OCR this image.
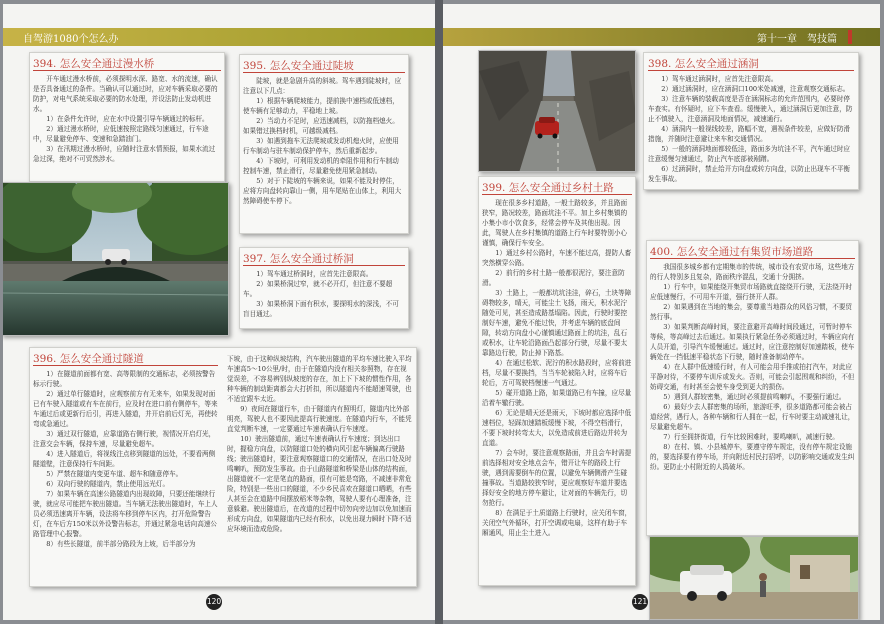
自驾游1080个怎么办
394. 怎么安全通过漫水桥

开车通过漫水桥前，必须探明水深、路宽、水的流速，确认是否具备通过的条件。当确认可以通过时，应对车辆采取必要的防护，对电气系统采取必要的防水处理，并设法防止发动机进水。

1）在条件允许时，应在水中设置引导车辆通过的标杆。

2）通过漫水桥时，应低速按照定路线匀速通过，行车途中，尽量避免停车、变速和急踏油门。

3）在汛期过漫水桥时，应随时注意水情预报，如果水流过急过深，绝对不可贸然涉水。

395. 怎么安全通过陡坡

陡坡，就是急剧升高的斜坡。驾车遇到陡坡时，应注意以下几点：

1）根据车辆爬坡能力，提前换中速档或低速档，使车辆有足够动力，平稳地上坡。

2）当动力不足时，应迅速减档，以防拖档熄火。如果错过换档时机，可越级减档。

3）如遇到拖车无法爬坡或发动机熄火时，应使用行车制动与驻车制动保护停车，然后重新起步。

4）下坡时，可利用发动机的牵阻作用和行车制动控制车速，禁止滑行，尽量避免使用紧急制动。

5）对于下陡坡的车辆来说，如果不能及时停住，应将方向盘转向靠山一侧，用车尾贴在山体上，利用大然障碍使车停下。

397. 怎么安全通过桥洞

1）驾车通过桥洞时，应首先注意限高。

2）如果桥洞过窄，就不必开灯，但注意不要超车。

3）如果桥洞下面有积水，要探明水的深浅，不可盲目通过。

396. 怎么安全通过隧道

1）在隧道前面都有宽、高等限制的交通标志，必须按警告标示行驶。

2）通过单行隧道时，应观察前方有无来车，如果发现对面已有车驶入隧道或有车在前行，应及时在进口前有侧停车，等来车通过后或更新行后引，再进入隧道，并开启前后灯光，再使转弯或急通过。

3）通过双行隧道，应靠道路右侧行驶，视情况开启灯光，注意交会车辆，保持车速，尽量避免超车。

4）进入隧道后，将视线注点移到隧道的远处，不要看两侧隧道壁，注意保持行车间距。

5）严禁在隧道内变更车道、超车和随意停车。

6）双向行驶的隧道内，禁止使用远光灯。

7）如果车辆在高速公路隧道内出现故障，只要还能继续行驶，就应尽可能把车驶出隧道。当车辆无法驶出隧道时，车上人员必须迅速离开车辆，设法将车移到停车区内，打开危险警告灯，在车后方150米以外设警告标志，并通过紧急电话向高速公路管理中心报警。

8）有些长隧道，前半部分路段为上坡，后半部分为

下坡，由于这种纵坡结构，汽车驶出隧道的平均车速比驶入平均车速高5～10公里/时，由于在隧道内没有相关参照物，存在视觉误差，不容易辨别纵坡度的存在，加上下下坡的惯性作用，各种车辆的制动距离都会大打折扣，所以隧道内不能超速驾驶，也不适宜跟车太近。

9）夜间在隧道行车，由于隧道内有照明灯，隧道内比外部明亮，驾驶人也不要因此提高行驶速度。在隧道内行车，不能凭直觉判断车速，一定要通过车速表确认行车速度。

10）驶出隧道前，通过车速表确认行车速度；到达出口时，握稳方向盘，以防隧道口处的横向风引起车辆偏离行驶路线；驶出隧道时，要注意观察隧道口的交通情况，在出口处及时鸣喇叭，预防发生事故。由于山路隧道和桥梁是山体的结构面，出隧道就不一定是笔直的路面，很有可能是弯路，不减速非常危险，特别是一些出口的隧道，不少乡民喜欢在隧道口晒晒，有些人甚至会在道路中间摆放稻米等杂物，驾驶人要有心理准备，注意躲避。驶出隧道后，在改道的过程中切勿向旁边加以免加速而形成方向盘，如果隧道内已经有积水，以免出现力瞬时下降不适应环境而造成危险。

120
第十一章　驾技篇
398. 怎么安全通过涵洞

1）驾车通过涵洞时，应首先注意限高。

2）通过涵洞时，应在涵洞口100米处减速，注意观察交通标志。

3）注意车辆的装载高度是否在涵洞标志的允许范围内，必要时停车查实。有怀疑时，应下车查看。缓慢驶入，通过涵洞后更加注意，防止不慎驶入，注意涵洞及地面情况，减速通行。

4）涵洞内一般视线较差，路幅不宽，遇视条件较差，应做好防滑措施，并随时注意避让来车和交通情况。

5）一般的涵洞地面都较低洼，路面多为坑洼不平，汽车通过时应注意缓慢匀速通过，防止汽车底部被剐蹭。

6）过涵洞时，禁止给开方向盘或转方向盘，以防止出现车不平衡发生事故。

399. 怎么安全通过乡村土路

现在很多乡村道路，一般土路较多，并且路面狭窄，路况较差，路面坑洼不平。加上乡村集镇的小集小市小饮食多，经常会停车及其他出现。因此，驾驶人在乡村集镇的道路上行车时要特别小心谨慎，确保行车安全。

1）通过乡村公路时，车速不能过高，提防人畜突然横穿公路。

2）前行的乡村土路一般都很泥泞，要注意防滑。

3）土路上，一般都坑坑洼洼，碎石，土块等障碍物较多，晴天，可能尘土飞扬，雨天，积水泥泞随处可见，甚至造成路基塌陷。因此，行驶时要控制好车速，避免不能过快，并考虑车辆的底盘间隙，转动方向盘小心谨慎通过路面上的坑洼，乱石或积水，让车轮沿路面凸起部分行驶，尽量不要太靠路边行驶，防止掉下路基。

4）在通过松软、泥泞的积水路段时，应将前进档，尽量不要换挡，当当车轮被陷入时，应将车后轮后，方可驾驶档慢速一气通过。

5）碰开道路上路，如果道路已有车撞，应尽量沿着车辙行驶。

6）无论是晴天还是雨天，下坡时都应选择中低速档位，轻踩加速踏板缓慢下坡，不得空档滑行，不要下坡时转弯太大，以免造成前进后路边并转为直道。

7）会车时，要注意观察路面，并且会车时需提前选择相对安全地点会车，错开让车的路段上行驶，遇到需要倒车的位置，以避免车辆侧滑产生碰撞事故。当道路较狭窄时，更应观察好车道并要选择好安全的地方停车避让，让对面的车辆先行，切勿抢行。

8）在满足于土质道路上行驶时，应关闭车窗，关闭空气外循环，打开空调或电扇，这样有助于车厢通风，用止尘土进入。

400. 怎么安全通过有集贸市场道路

我国很多城乡都有定期集市的传统，城市设有农贸市场，这些地方的行人特别多且复杂，路面秩序混乱，交通十分拥挤。

1）行车中，如果能绕开集贸市场路就直接绕开行驶，无法绕开时应低速慢行，不可用车开道，强行挤开人群。

2）如果遇到在当地的集会，要尊重当地群众的风俗习惯，不要贸然行事。

3）如果判断高峰时间，要注意避开高峰时间段通过，可暂时停车等候，等高峰过去后通过。如果执行紧急任务必须通过时，车辆应向有人员开道，引导汽车缓慢通过。通过时，应注意控制好加速踏板，使车辆处在一挡低速平稳状态下行驶，随时准备制动停车。

4）在人群中低速缓行时，有人可能会用手推或拍打汽车，对此应平静对待，不要停车训斥或发火。否则，可能会引起围观和纠纷，不但妨碍交通，有时甚至会使车身受到更大的损伤。

5）遇到人群较密集，通过时必须提前鸣喇叭，不要强行通过。

6）最好少去人群密集的场所，旅游旺季，很多道路都可能会被占道经营，遇行人，各种车辆和行人拥在一起，行车时要主动减速礼让，尽量避免超车。

7）行至拥挤街道，行车比较困难时，要鸣喇叭，减速行驶。

8）在村、镇、小县城停车，要遵守停车规定，没有停车规定设施的，要选择要有停车场，并向附近村民打招呼，以防影响交通或发生纠纷。更防止小村附近的人捣破坏。

121
